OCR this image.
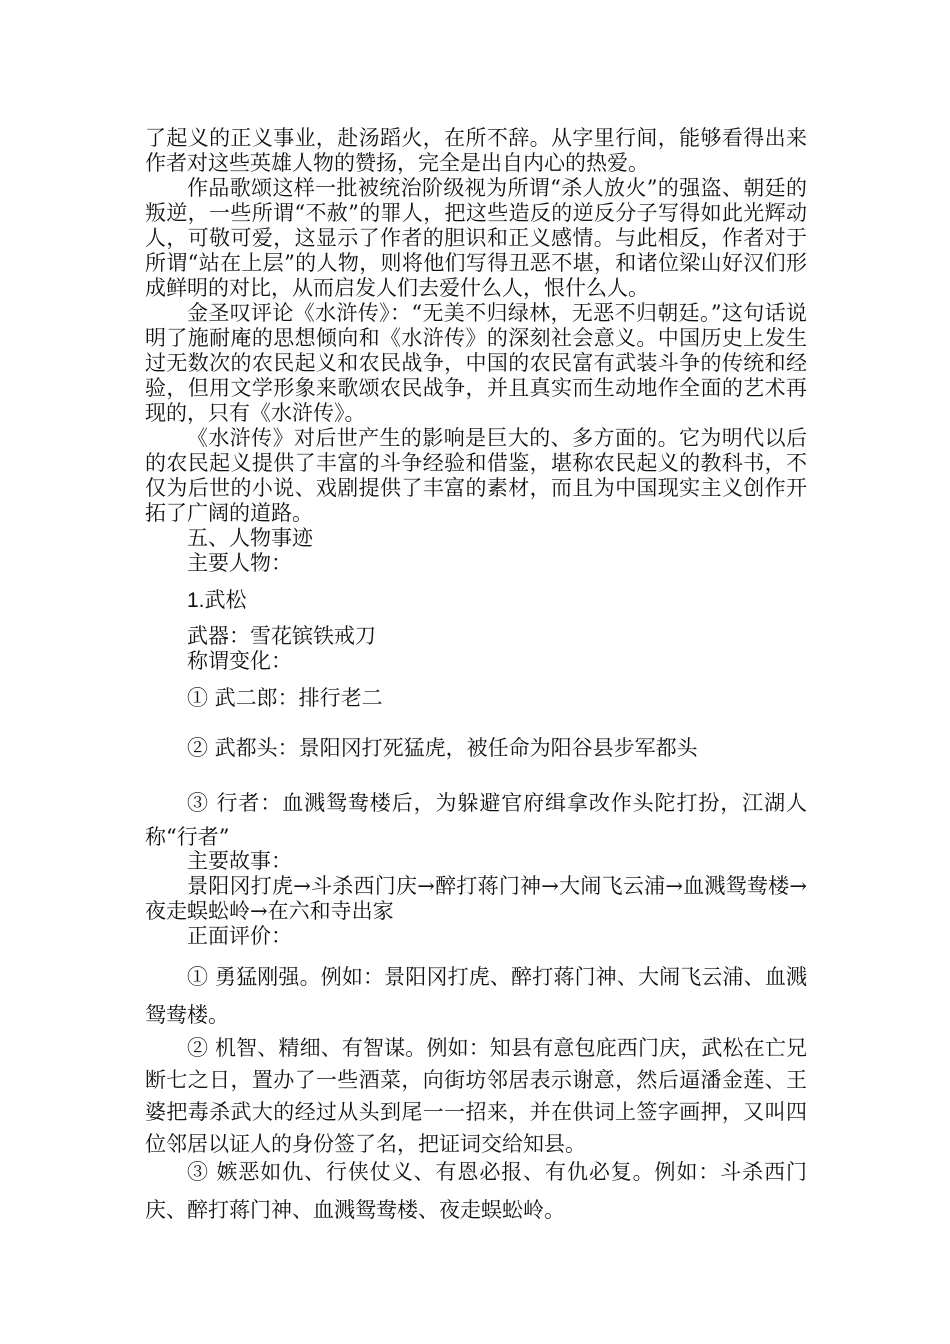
了起义的正义事业，赴汤蹈火，在所不辞。从字里行间，能够看得出来作者对这些英雄人物的赞扬，完全是出自内心的热爱。

作品歌颂这样一批被统治阶级视为所谓“杀人放火”的强盗、朝廷的叛逆，一些所谓“不赦”的罪人，把这些造反的逆反分子写得如此光辉动人，可敬可爱，这显示了作者的胆识和正义感情。与此相反，作者对于所谓“站在上层”的人物，则将他们写得丑恶不堪，和诸位梁山好汉们形成鲜明的对比，从而启发人们去爱什么人，恨什么人。

金圣叹评论《水浒传》：“无美不归绿林，无恶不归朝廷。”这句话说明了施耐庵的思想倾向和《水浒传》的深刻社会意义。中国历史上发生过无数次的农民起义和农民战争，中国的农民富有武装斗争的传统和经验，但用文学形象来歌颂农民战争，并且真实而生动地作全面的艺术再现的，只有《水浒传》。

《水浒传》对后世产生的影响是巨大的、多方面的。它为明代以后的农民起义提供了丰富的斗争经验和借鉴，堪称农民起义的教科书，不仅为后世的小说、戏剧提供了丰富的素材，而且为中国现实主义创作开拓了广阔的道路。

五、人物事迹

主要人物：

1.武松

武器：雪花镔铁戒刀

称谓变化：

① 武二郎：排行老二

② 武都头：景阳冈打死猛虎，被任命为阳谷县步军都头

③ 行者：血溅鸳鸯楼后，为躲避官府缉拿改作头陀打扮，江湖人称“行者”

主要故事：

景阳冈打虎→斗杀西门庆→醉打蒋门神→大闹飞云浦→血溅鸳鸯楼→夜走蜈蚣岭→在六和寺出家

正面评价：

① 勇猛刚强。例如：景阳冈打虎、醉打蒋门神、大闹飞云浦、血溅鸳鸯楼。

② 机智、精细、有智谋。例如：知县有意包庇西门庆，武松在亡兄断七之日，置办了一些酒菜，向街坊邻居表示谢意，然后逼潘金莲、王婆把毒杀武大的经过从头到尾一一招来，并在供词上签字画押，又叫四位邻居以证人的身份签了名，把证词交给知县。

③ 嫉恶如仇、行侠仗义、有恩必报、有仇必复。例如：斗杀西门庆、醉打蒋门神、血溅鸳鸯楼、夜走蜈蚣岭。
